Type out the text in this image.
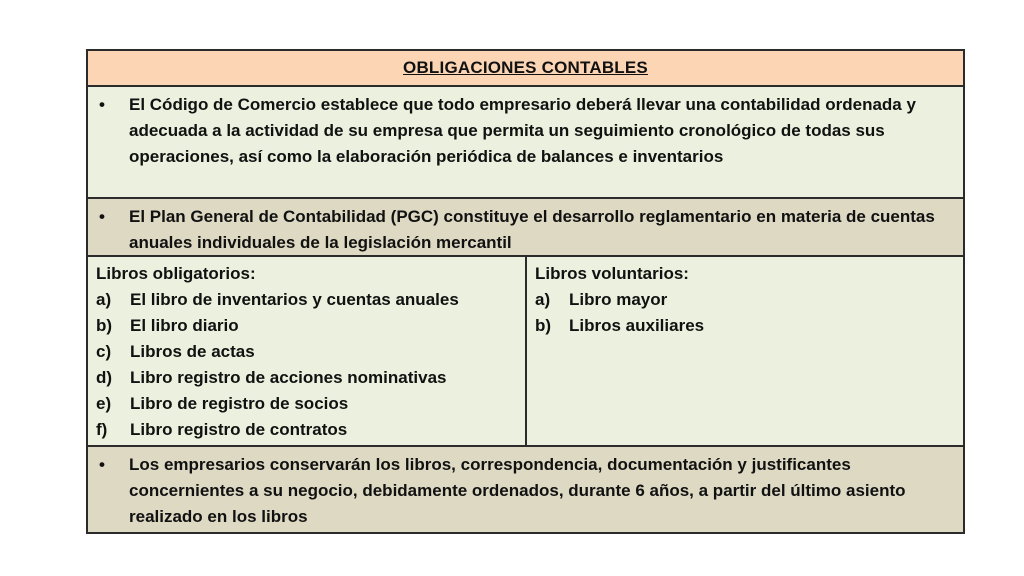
OBLIGACIONES CONTABLES
•	El Código de Comercio establece que todo empresario deberá llevar una contabilidad ordenada y adecuada a la actividad de su empresa que permita un seguimiento cronológico de todas sus operaciones, así como la elaboración periódica de balances e inventarios
•	El Plan General de Contabilidad (PGC) constituye el desarrollo reglamentario en materia de cuentas anuales individuales de la legislación mercantil
Libros obligatorios:
a)	El libro de inventarios y cuentas anuales
b)	El libro diario
c)	Libros de actas
d)	Libro registro de acciones nominativas
e)	Libro de registro de socios
f)	Libro registro de contratos
Libros voluntarios:
a)	Libro mayor
b)	Libros auxiliares
•	Los empresarios conservarán los libros, correspondencia, documentación y justificantes concernientes a su negocio, debidamente ordenados, durante 6 años, a partir del último asiento realizado en los libros
